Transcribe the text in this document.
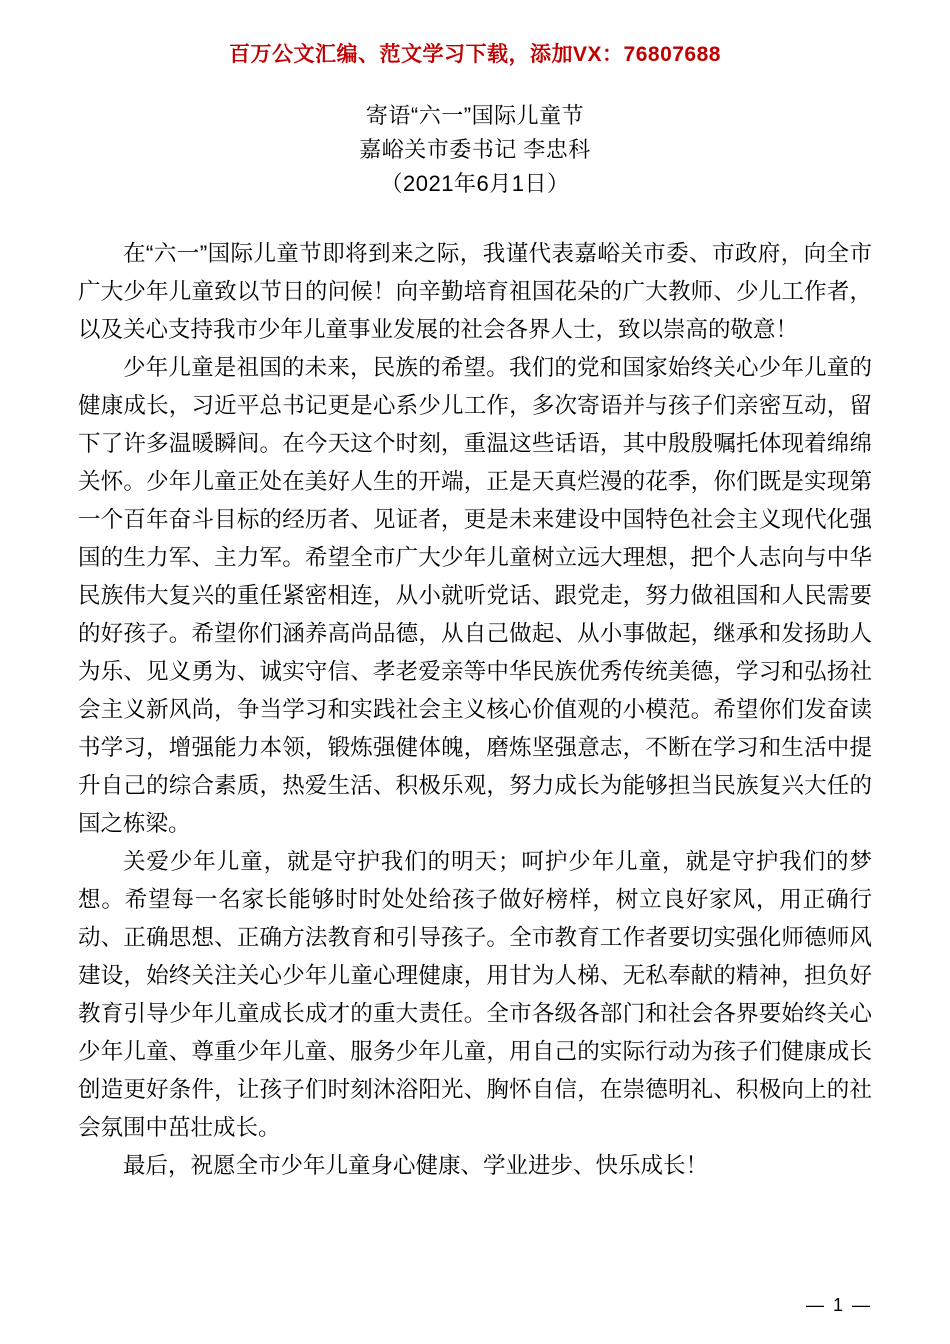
百万公文汇编、范文学习下载，添加VX：76807688
寄语“六一”国际儿童节
嘉峪关市委书记 李忠科
（2021年6月1日）

在“六一”国际儿童节即将到来之际，我谨代表嘉峪关市委、市政府，向全市广大少年儿童致以节日的问候！向辛勤培育祖国花朵的广大教师、少儿工作者，以及关心支持我市少年儿童事业发展的社会各界人士，致以崇高的敬意！

少年儿童是祖国的未来，民族的希望。我们的党和国家始终关心少年儿童的健康成长，习近平总书记更是心系少儿工作，多次寄语并与孩子们亲密互动，留下了许多温暖瞬间。在今天这个时刻，重温这些话语，其中殷殷嘱托体现着绵绵关怀。少年儿童正处在美好人生的开端，正是天真烂漫的花季，你们既是实现第一个百年奋斗目标的经历者、见证者，更是未来建设中国特色社会主义现代化强国的生力军、主力军。希望全市广大少年儿童树立远大理想，把个人志向与中华民族伟大复兴的重任紧密相连，从小就听党话、跟党走，努力做祖国和人民需要的好孩子。希望你们涵养高尚品德，从自己做起、从小事做起，继承和发扬助人为乐、见义勇为、诚实守信、孝老爱亲等中华民族优秀传统美德，学习和弘扬社会主义新风尚，争当学习和实践社会主义核心价值观的小模范。希望你们发奋读书学习，增强能力本领，锻炼强健体魄，磨炼坚强意志，不断在学习和生活中提升自己的综合素质，热爱生活、积极乐观，努力成长为能够担当民族复兴大任的国之栋梁。

关爱少年儿童，就是守护我们的明天；呵护少年儿童，就是守护我们的梦想。希望每一名家长能够时时处处给孩子做好榜样，树立良好家风，用正确行动、正确思想、正确方法教育和引导孩子。全市教育工作者要切实强化师德师风建设，始终关注关心少年儿童心理健康，用甘为人梯、无私奉献的精神，担负好教育引导少年儿童成长成才的重大责任。全市各级各部门和社会各界要始终关心少年儿童、尊重少年儿童、服务少年儿童，用自己的实际行动为孩子们健康成长创造更好条件，让孩子们时刻沐浴阳光、胸怀自信，在崇德明礼、积极向上的社会氛围中茁壮成长。

最后，祝愿全市少年儿童身心健康、学业进步、快乐成长！

— 1 —
